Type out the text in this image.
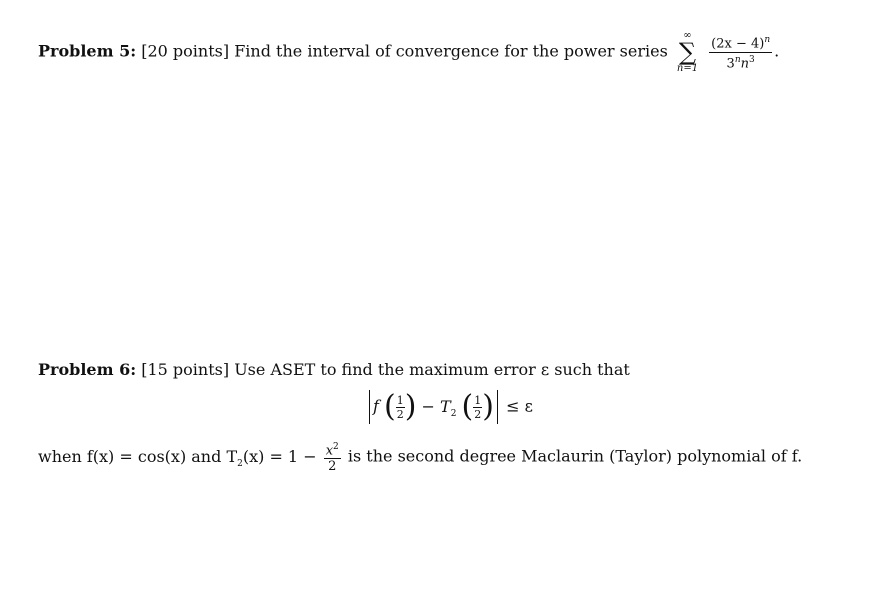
Problem 5: [20 points] Find the interval of convergence for the power series
∞
∑
n=1
$\frac{(2x - 4)^n}{3^nn^3}$ .
Problem 6: [15 points] Use ASET to find the maximum error ε such that
f ( $\frac{1}{2}$ ) − $T_2$ ( $\frac{1}{2}$ ) ≤ ε
when f(x) = cos(x) and $T_2(x) = 1 - \frac{x^2}{2}$ is the second degree Maclaurin (Taylor) polynomial of f.
